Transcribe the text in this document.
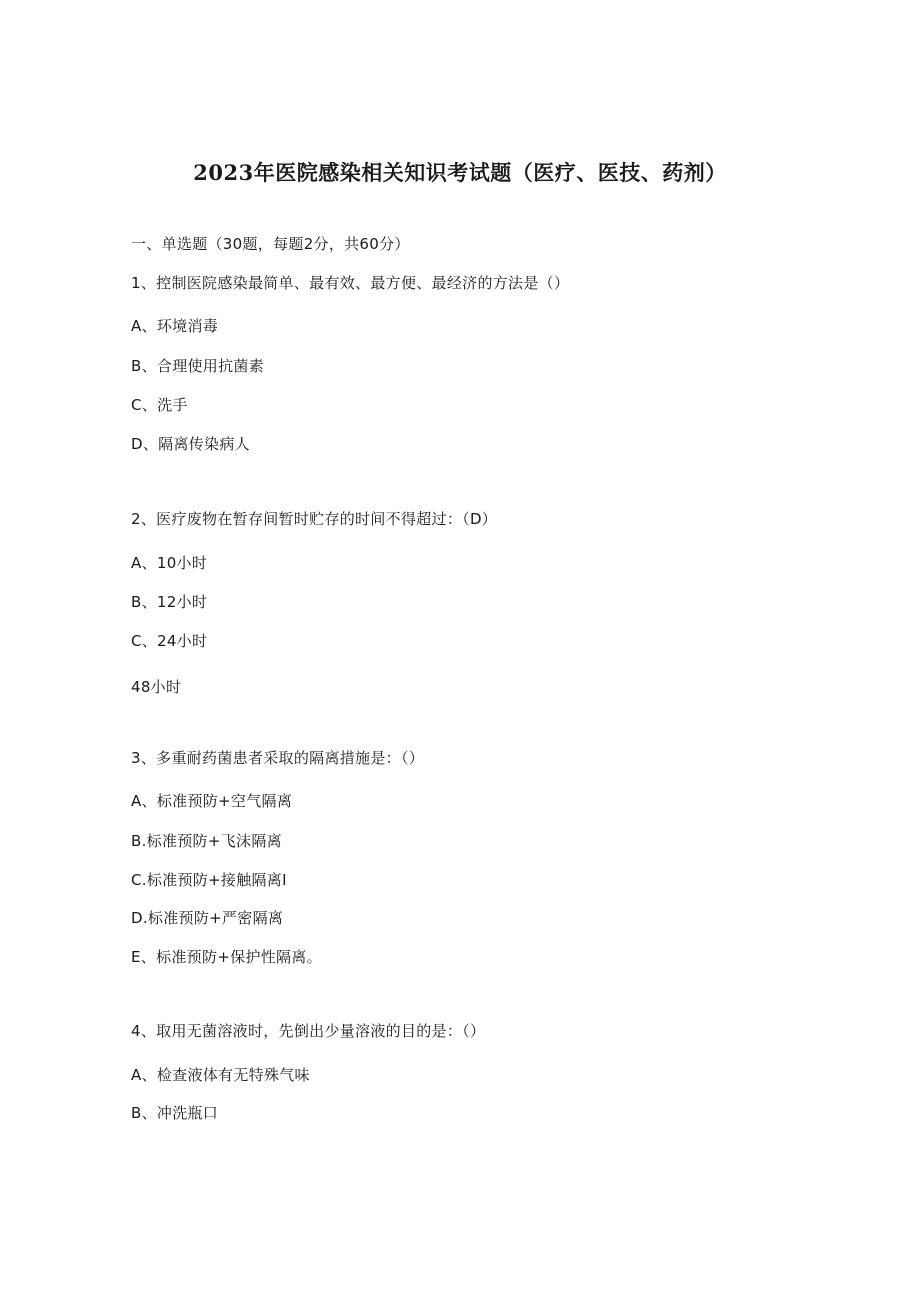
2023年医院感染相关知识考试题（医疗、医技、药剂）
一、单选题（30题，每题2分，共60分）
1、控制医院感染最简单、最有效、最方便、最经济的方法是（）
A、环境消毒
B、合理使用抗菌素
C、洗手
D、隔离传染病人
2、医疗废物在暂存间暂时贮存的时间不得超过：（D）
A、10小时
B、12小时
C、24小时
48小时
3、多重耐药菌患者采取的隔离措施是：（）
A、标准预防+空气隔离
B.标准预防+飞沫隔离
C.标准预防+接触隔离I
D.标准预防+严密隔离
E、标准预防+保护性隔离。
4、取用无菌溶液时，先倒出少量溶液的目的是：（）
A、检查液体有无特殊气味
B、冲洗瓶口
